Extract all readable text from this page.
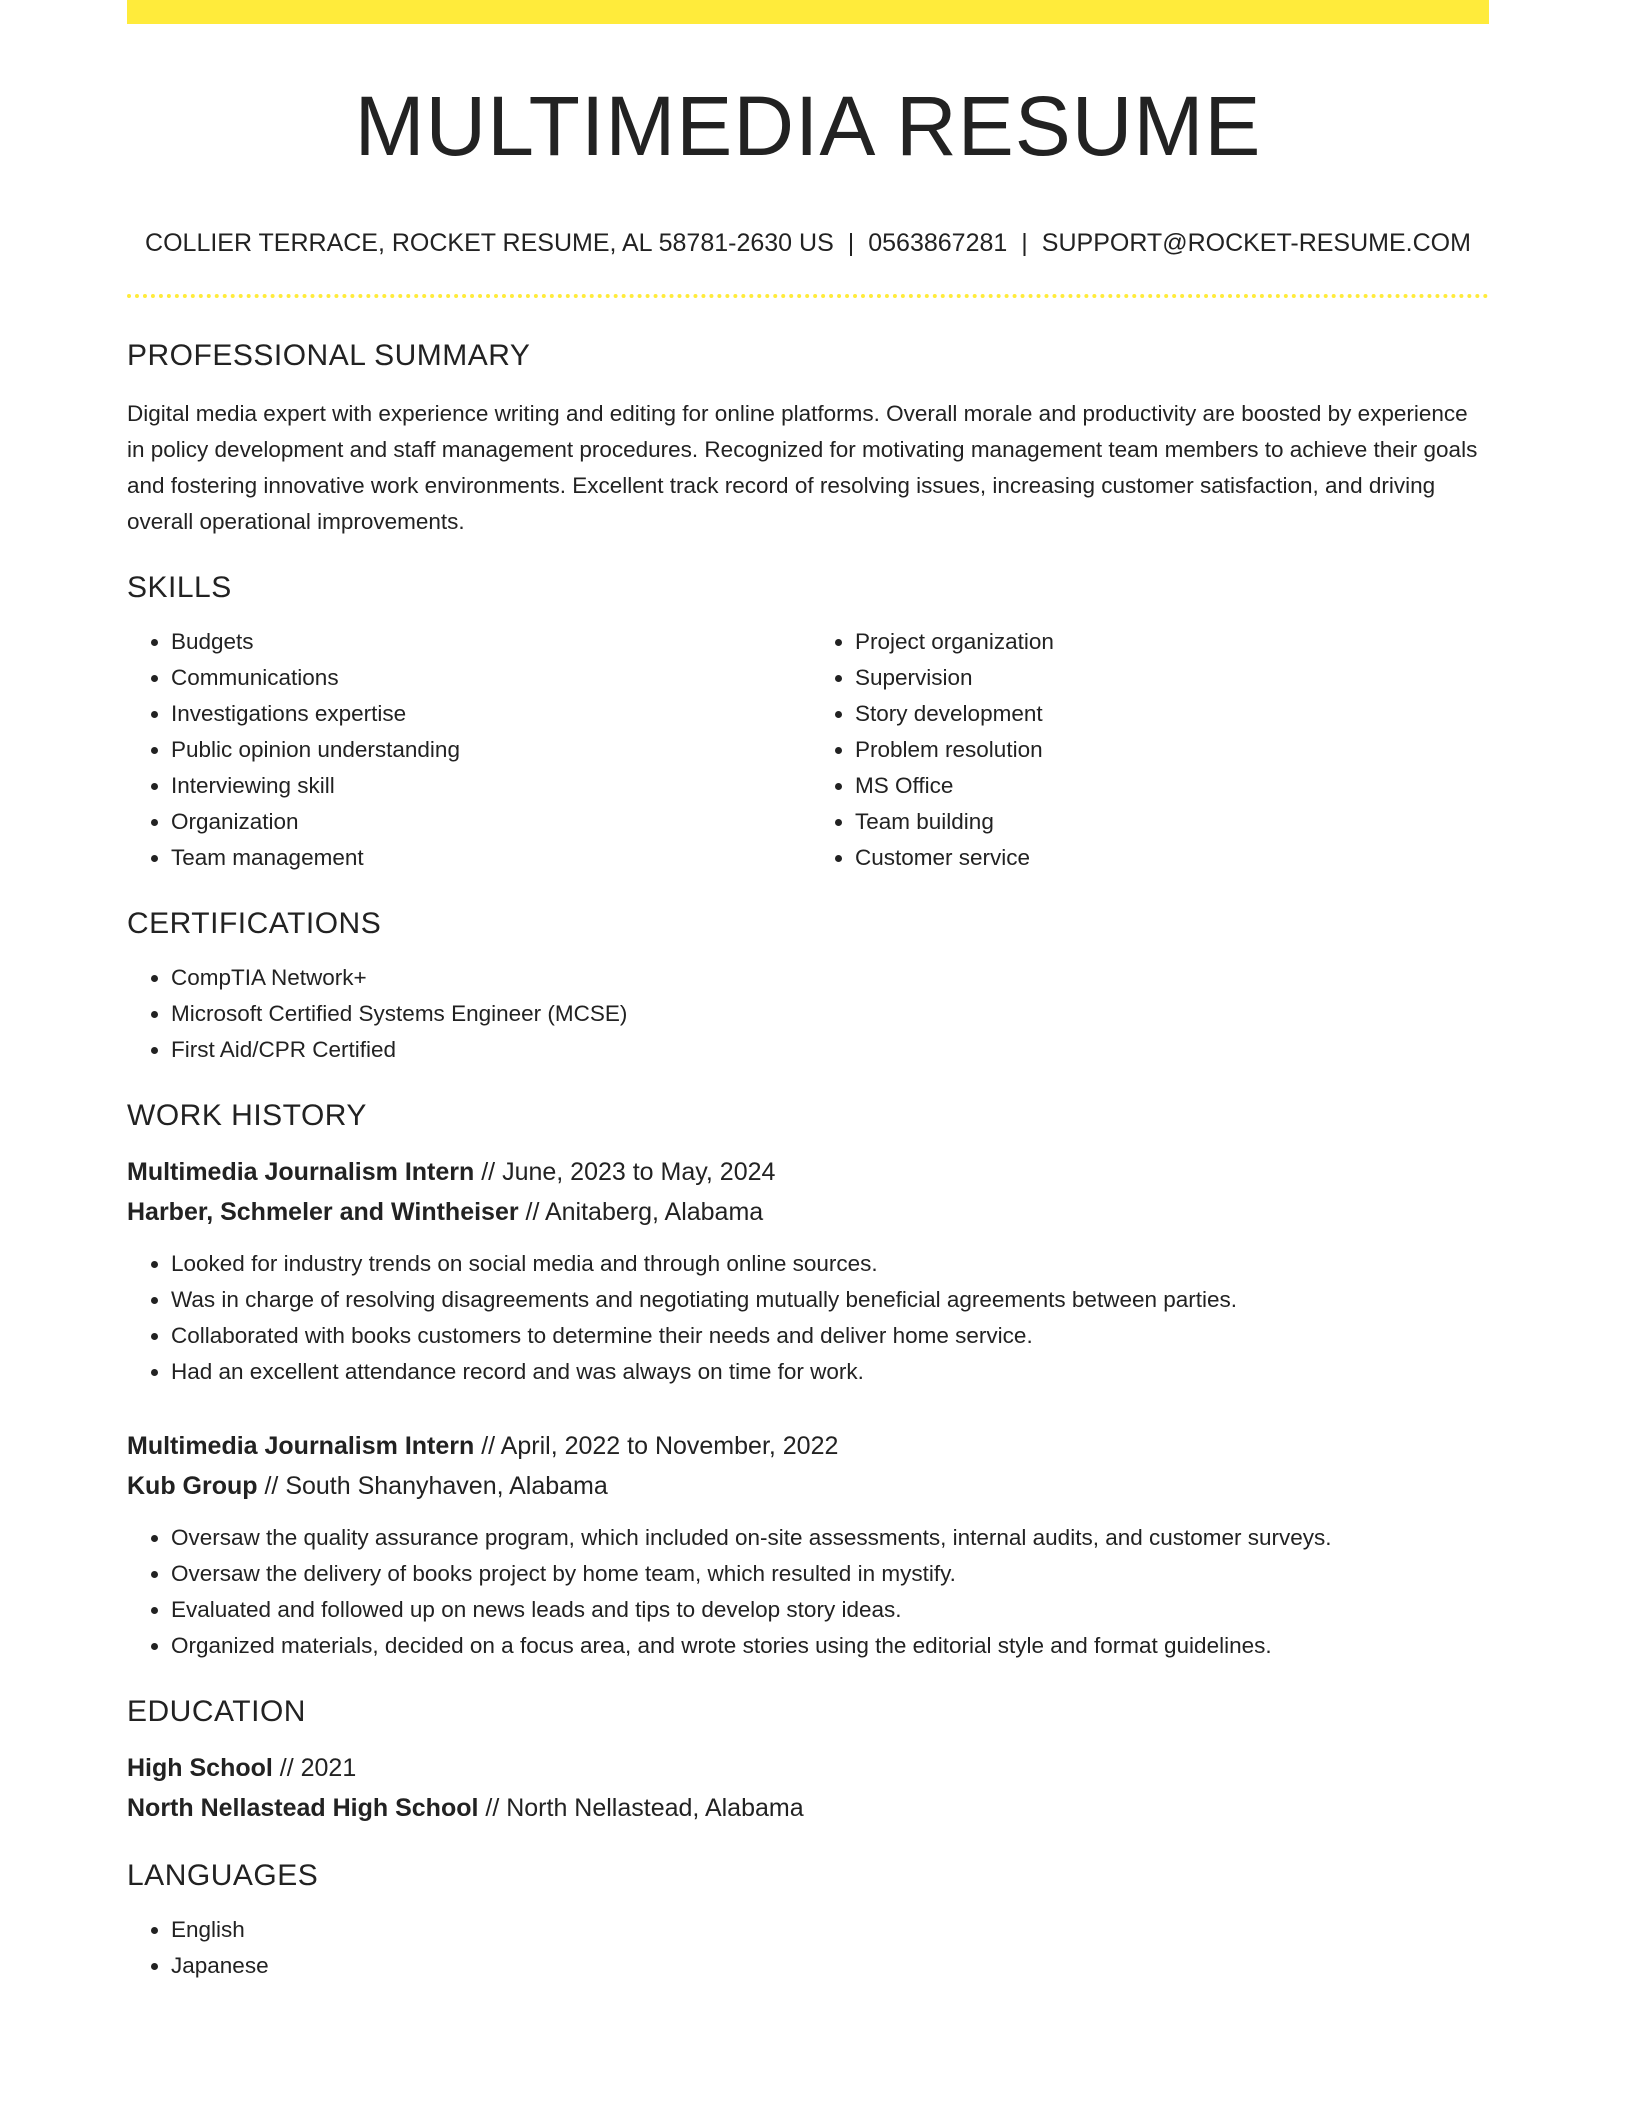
MULTIMEDIA RESUME
COLLIER TERRACE, ROCKET RESUME, AL 58781-2630 US | 0563867281 | SUPPORT@ROCKET-RESUME.COM
PROFESSIONAL SUMMARY

Digital media expert with experience writing and editing for online platforms. Overall morale and productivity are boosted by experience in policy development and staff management procedures. Recognized for motivating management team members to achieve their goals and fostering innovative work environments. Excellent track record of resolving issues, increasing customer satisfaction, and driving overall operational improvements.

SKILLS
• Budgets
• Communications
• Investigations expertise
• Public opinion understanding
• Interviewing skill
• Organization
• Team management
• Project organization
• Supervision
• Story development
• Problem resolution
• MS Office
• Team building
• Customer service
CERTIFICATIONS
• CompTIA Network+
• Microsoft Certified Systems Engineer (MCSE)
• First Aid/CPR Certified
WORK HISTORY
Multimedia Journalism Intern // June, 2023 to May, 2024
Harber, Schmeler and Wintheiser // Anitaberg, Alabama
• Looked for industry trends on social media and through online sources.
• Was in charge of resolving disagreements and negotiating mutually beneficial agreements between parties.
• Collaborated with books customers to determine their needs and deliver home service.
• Had an excellent attendance record and was always on time for work.
Multimedia Journalism Intern // April, 2022 to November, 2022
Kub Group // South Shanyhaven, Alabama
• Oversaw the quality assurance program, which included on-site assessments, internal audits, and customer surveys.
• Oversaw the delivery of books project by home team, which resulted in mystify.
• Evaluated and followed up on news leads and tips to develop story ideas.
• Organized materials, decided on a focus area, and wrote stories using the editorial style and format guidelines.
EDUCATION
High School // 2021
North Nellastead High School // North Nellastead, Alabama
LANGUAGES
• English
• Japanese
